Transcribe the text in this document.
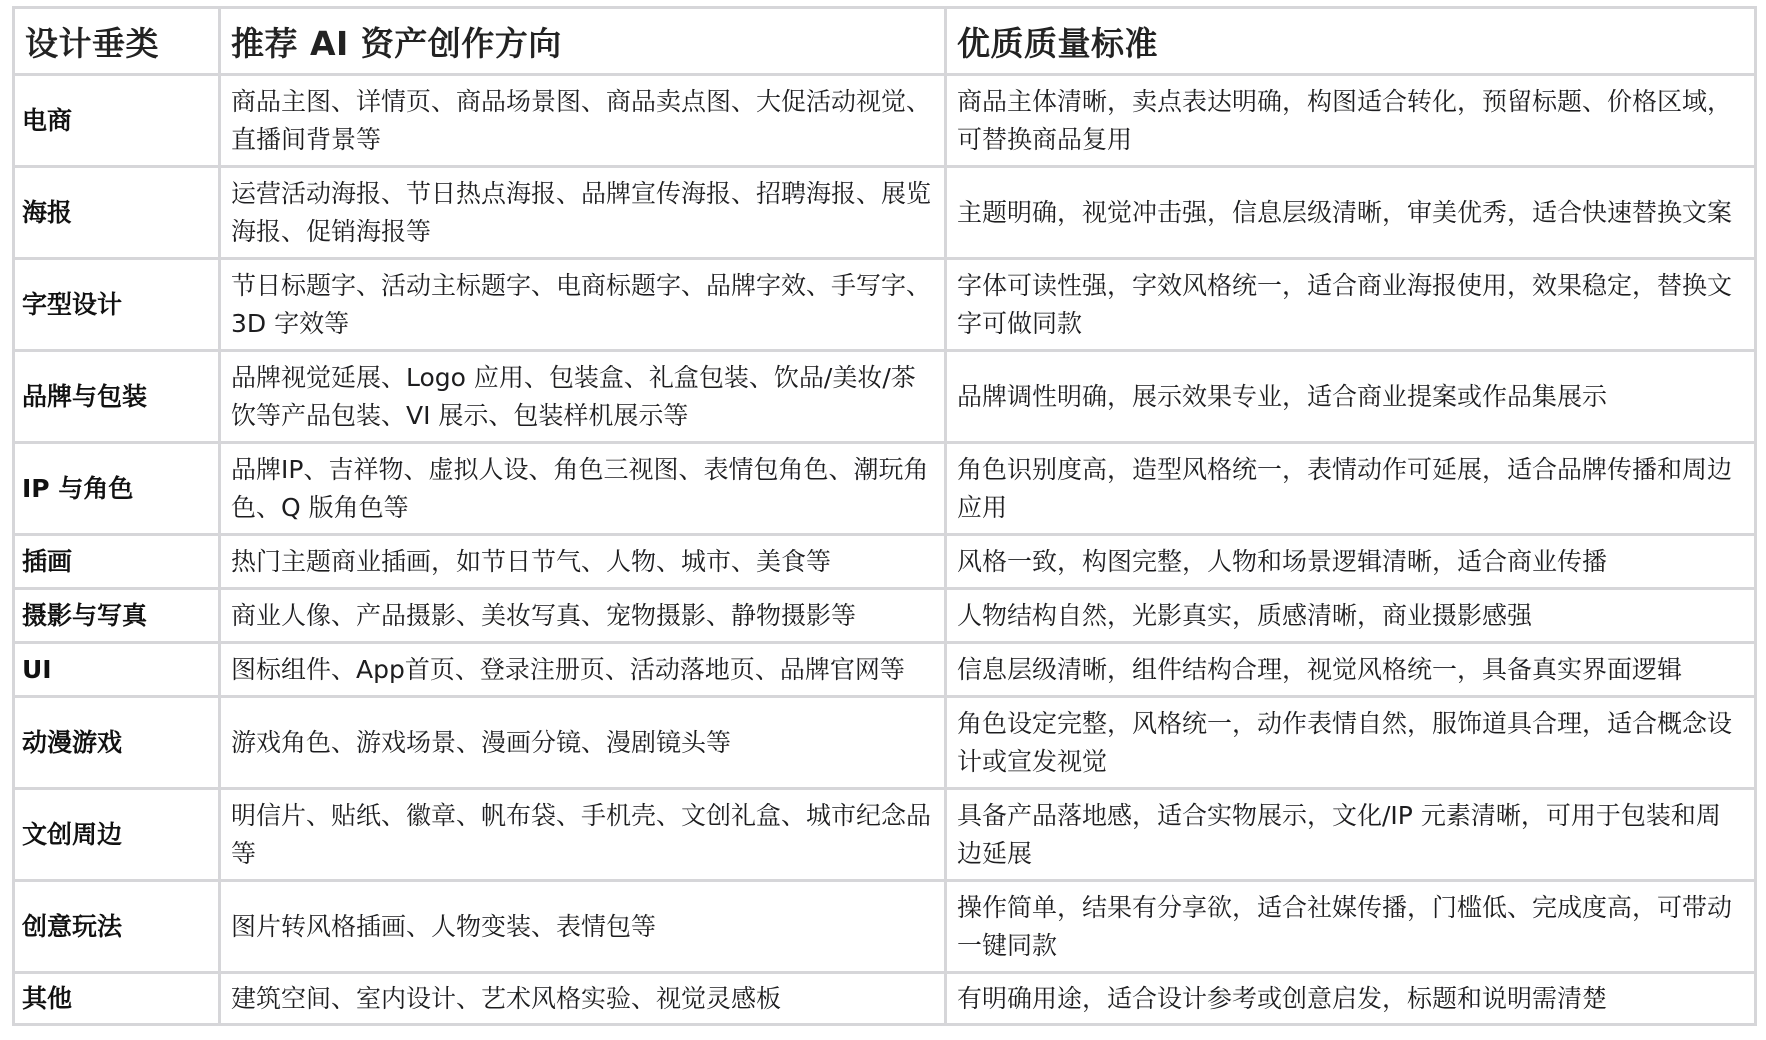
设计垂类	推荐 AI 资产创作方向	优质质量标准
电商	商品主图、详情页、商品场景图、商品卖点图、大促活动视觉、直播间背景等	商品主体清晰，卖点表达明确，构图适合转化，预留标题、价格区域，可替换商品复用
海报	运营活动海报、节日热点海报、品牌宣传海报、招聘海报、展览海报、促销海报等	主题明确，视觉冲击强，信息层级清晰，审美优秀，适合快速替换文案
字型设计	节日标题字、活动主标题字、电商标题字、品牌字效、手写字、3D 字效等	字体可读性强，字效风格统一，适合商业海报使用，效果稳定，替换文字可做同款
品牌与包装	品牌视觉延展、Logo 应用、包装盒、礼盒包装、饮品/美妆/茶饮等产品包装、VI 展示、包装样机展示等	品牌调性明确，展示效果专业，适合商业提案或作品集展示
IP 与角色	品牌IP、吉祥物、虚拟人设、角色三视图、表情包角色、潮玩角色、Q 版角色等	角色识别度高，造型风格统一，表情动作可延展，适合品牌传播和周边应用
插画	热门主题商业插画，如节日节气、人物、城市、美食等	风格一致，构图完整，人物和场景逻辑清晰，适合商业传播
摄影与写真	商业人像、产品摄影、美妆写真、宠物摄影、静物摄影等	人物结构自然，光影真实，质感清晰，商业摄影感强
UI	图标组件、App首页、登录注册页、活动落地页、品牌官网等	信息层级清晰，组件结构合理，视觉风格统一，具备真实界面逻辑
动漫游戏	游戏角色、游戏场景、漫画分镜、漫剧镜头等	角色设定完整，风格统一，动作表情自然，服饰道具合理，适合概念设计或宣发视觉
文创周边	明信片、贴纸、徽章、帆布袋、手机壳、文创礼盒、城市纪念品等	具备产品落地感，适合实物展示，文化/IP 元素清晰，可用于包装和周边延展
创意玩法	图片转风格插画、人物变装、表情包等	操作简单，结果有分享欲，适合社媒传播，门槛低、完成度高，可带动一键同款
其他	建筑空间、室内设计、艺术风格实验、视觉灵感板	有明确用途，适合设计参考或创意启发，标题和说明需清楚
